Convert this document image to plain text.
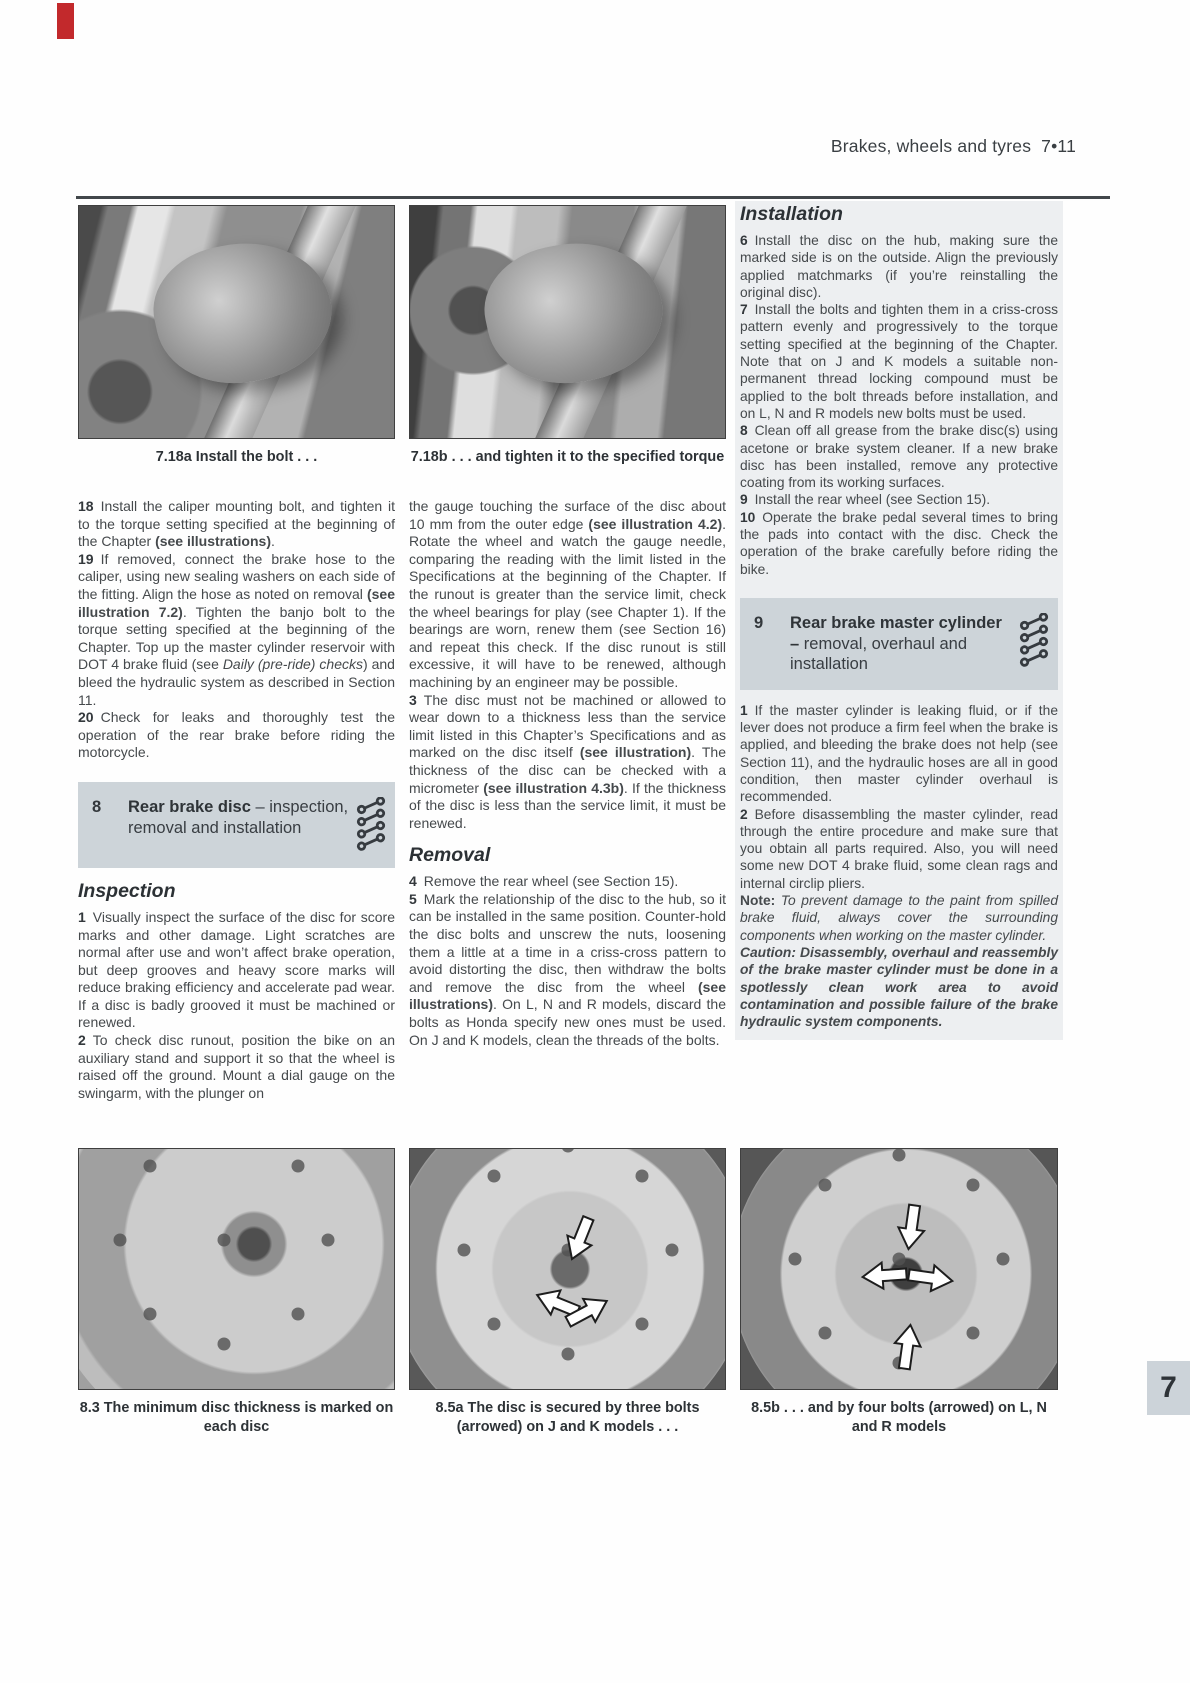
Brakes, wheels and tyres 7•11
7.18a Install the bolt . . .

18  Install the caliper mounting bolt, and tighten it to the torque setting specified at the beginning of the Chapter (see illustrations).

19  If removed, connect the brake hose to the caliper, using new sealing washers on each side of the fitting. Align the hose as noted on removal (see illustration 7.2). Tighten the banjo bolt to the torque setting specified at the beginning of the Chapter. Top up the master cylinder reservoir with DOT 4 brake fluid (see Daily (pre-ride) checks) and bleed the hydraulic system as described in Section 11.

20  Check for leaks and thoroughly test the operation of the rear brake before riding the motorcycle.

8	Rear brake disc – inspection, removal and installation
Inspection

1  Visually inspect the surface of the disc for score marks and other damage. Light scratches are normal after use and won’t affect brake operation, but deep grooves and heavy score marks will reduce braking efficiency and accelerate pad wear. If a disc is badly grooved it must be machined or renewed.

2  To check disc runout, position the bike on an auxiliary stand and support it so that the wheel is raised off the ground. Mount a dial gauge on the swingarm, with the plunger on

7.18b . . . and tighten it to the specified torque

the gauge touching the surface of the disc about 10 mm from the outer edge (see illustration 4.2). Rotate the wheel and watch the gauge needle, comparing the reading with the limit listed in the Specifications at the beginning of the Chapter. If the runout is greater than the service limit, check the wheel bearings for play (see Chapter 1). If the bearings are worn, renew them (see Section 16) and repeat this check. If the disc runout is still excessive, it will have to be renewed, although machining by an engineer may be possible.

3  The disc must not be machined or allowed to wear down to a thickness less than the service limit listed in this Chapter’s Specifications and as marked on the disc itself (see illustration). The thickness of the disc can be checked with a micrometer (see illustration 4.3b). If the thickness of the disc is less than the service limit, it must be renewed.

Removal

4  Remove the rear wheel (see Section 15).

5  Mark the relationship of the disc to the hub, so it can be installed in the same position. Counter-hold the disc bolts and unscrew the nuts, loosening them a little at a time in a criss-cross pattern to avoid distorting the disc, then withdraw the bolts and remove the disc from the wheel (see illustrations). On L, N and R models, discard the bolts as Honda specify new ones must be used. On J and K models, clean the threads of the bolts.

Installation

6  Install the disc on the hub, making sure the marked side is on the outside. Align the previously applied matchmarks (if you’re reinstalling the original disc).

7  Install the bolts and tighten them in a criss-cross pattern evenly and progressively to the torque setting specified at the beginning of the Chapter. Note that on J and K models a suitable non-permanent thread locking compound must be applied to the bolt threads before installation, and on L, N and R models new bolts must be used.

8  Clean off all grease from the brake disc(s) using acetone or brake system cleaner. If a new brake disc has been installed, remove any protective coating from its working surfaces.

9  Install the rear wheel (see Section 15).

10  Operate the brake pedal several times to bring the pads into contact with the disc. Check the operation of the brake carefully before riding the bike.

9	Rear brake master cylinder – removal, overhaul and installation

1  If the master cylinder is leaking fluid, or if the lever does not produce a firm feel when the brake is applied, and bleeding the brake does not help (see Section 11), and the hydraulic hoses are all in good condition, then master cylinder overhaul is recommended.

2  Before disassembling the master cylinder, read through the entire procedure and make sure that you obtain all parts required. Also, you will need some new DOT 4 brake fluid, some clean rags and internal circlip pliers.

Note: To prevent damage to the paint from spilled brake fluid, always cover the surrounding components when working on the master cylinder.

Caution: Disassembly, overhaul and reassembly of the brake master cylinder must be done in a spotlessly clean work area to avoid contamination and possible failure of the brake hydraulic system components.

8.3 The minimum disc thickness is marked on each disc
8.5a The disc is secured by three bolts (arrowed) on J and K models . . .
8.5b . . . and by four bolts (arrowed) on L, N and R models
7
